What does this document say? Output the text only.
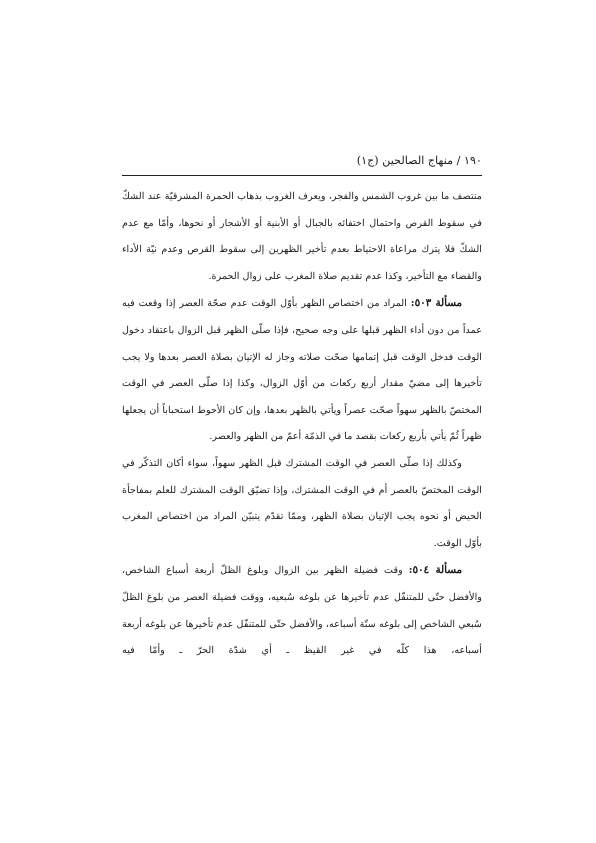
١٩٠ / منهاج الصالحين (ج١)

منتصف ما بين غروب الشمس والفجر، ويعرف الغروب بذهاب الحمرة المشرقيّة عند الشكّ في سقوط القرص واحتمال اختفائه بالجبال أو الأبنية أو الأشجار أو نحوها، وأمّا مع عدم الشكّ فلا يترك مراعاة الاحتياط بعدم تأخير الظهرين إلى سقوط القرص وعدم نيّة الأداء والقضاء مع التأخير، وكذا عدم تقديم صلاة المغرب على زوال الحمرة.

مسألة ٥٠٣: المراد من اختصاص الظهر بأوّل الوقت عدم صحّة العصر إذا وقعت فيه عمداً من دون أداء الظهر قبلها على وجه صحيح، فإذا صلّى الظهر قبل الزوال باعتقاد دخول الوقت فدخل الوقت قبل إتمامها صحّت صلاته وجاز له الإتيان بصلاة العصر بعدها ولا يجب تأخيرها إلى مضيّ مقدار أربع ركعات من أوّل الزوال، وكذا إذا صلّى العصر في الوقت المختصّ بالظهر سهواً صحّت عصراً ويأتي بالظهر بعدها، وإن كان الأحوط استحباباً أن يجعلها ظهراً ثُمّ يأتي بأربع ركعات بقصد ما في الذمّة أعمّ من الظهر والعصر.

وكذلك إذا صلّى العصر في الوقت المشترك قبل الظهر سهواً، سواء أكان التذكّر في الوقت المختصّ بالعصر أم في الوقت المشترك، وإذا تضيّق الوقت المشترك للعلم بمفاجأة الحيض أو نحوه يجب الإتيان بصلاة الظهر، وممّا تقدّم يتبيّن المراد من اختصاص المغرب بأوّل الوقت.

مسألة ٥٠٤: وقت فضيلة الظهر بين الزوال وبلوغ الظلّ أربعة أسباع الشاخص، والأفضل حتّى للمتنفّل عدم تأخيرها عن بلوغه سُبعيه، ووقت فضيلة العصر من بلوغ الظلّ سُبعي الشاخص إلى بلوغه ستّة أسباعه، والأفضل حتّى للمتنفّل عدم تأخيرها عن بلوغه أربعة أسباعه، هذا كلّه في غير القيظ ـ أي شدّة الحرّ ـ وأمّا فيه
